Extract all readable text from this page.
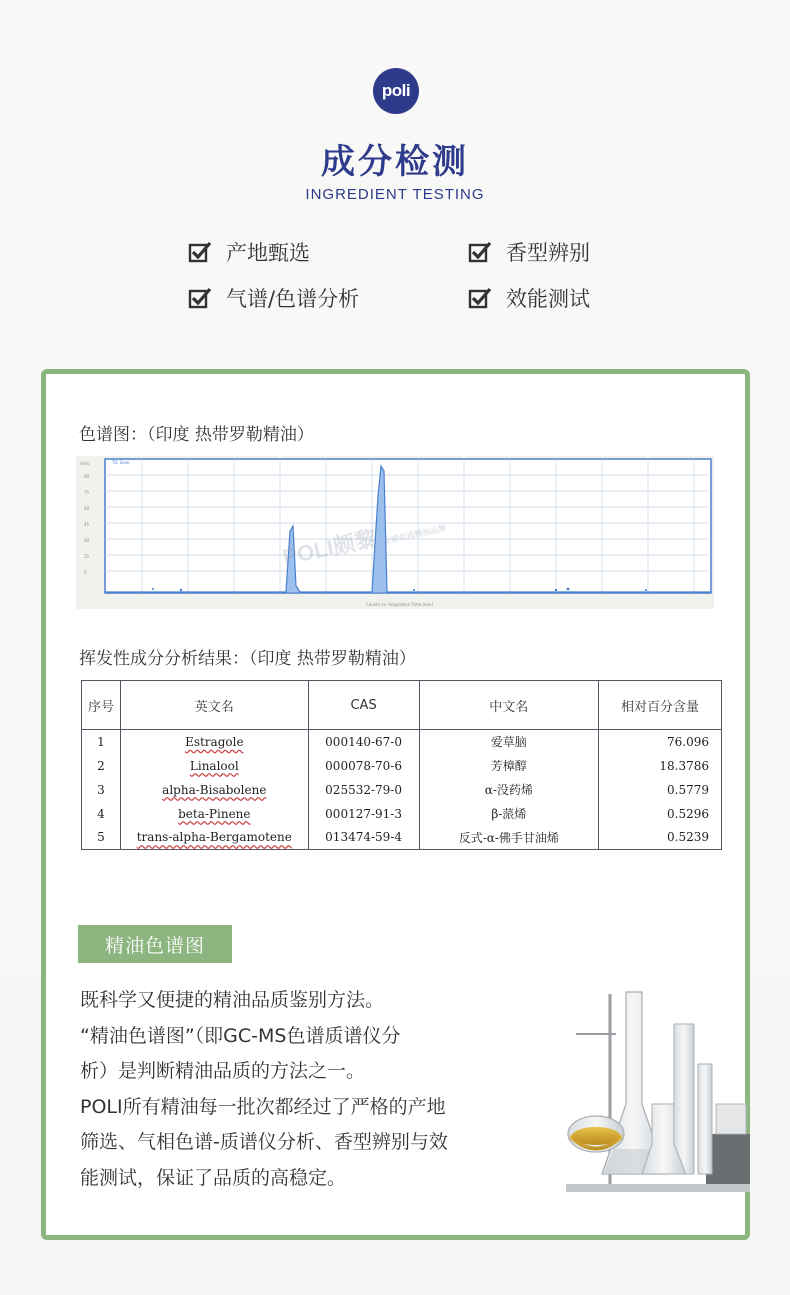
poli
成分检测
INGREDIENT TESTING
产地甄选	香型辨别
气谱/色谱分析	效能测试
色谱图：（印度 热带罗勒精油）
mAU
90
75
60
45
30
15
5
Counts vs. Acquisition Time (min)
TIC Scan
POLI颇黎 全球优选精油品牌
挥发性成分分析结果：（印度 热带罗勒精油）
序号	英文名	CAS	中文名	相对百分含量
1	Estragole	000140-67-0	爱草脑	76.096
2	Linalool	000078-70-6	芳樟醇	18.3786
3	alpha-Bisabolene	025532-79-0	α-没药烯	0.5779
4	beta-Pinene	000127-91-3	β-蒎烯	0.5296
5	trans-alpha-Bergamotene	013474-59-4	反式-α-佛手甘油烯	0.5239
精油色谱图

既科学又便捷的精油品质鉴别方法。

“精油色谱图”（即GC-MS色谱质谱仪分

析）是判断精油品质的方法之一。

POLI所有精油每一批次都经过了严格的产地

筛选、气相色谱-质谱仪分析、香型辨别与效

能测试，保证了品质的高稳定。
